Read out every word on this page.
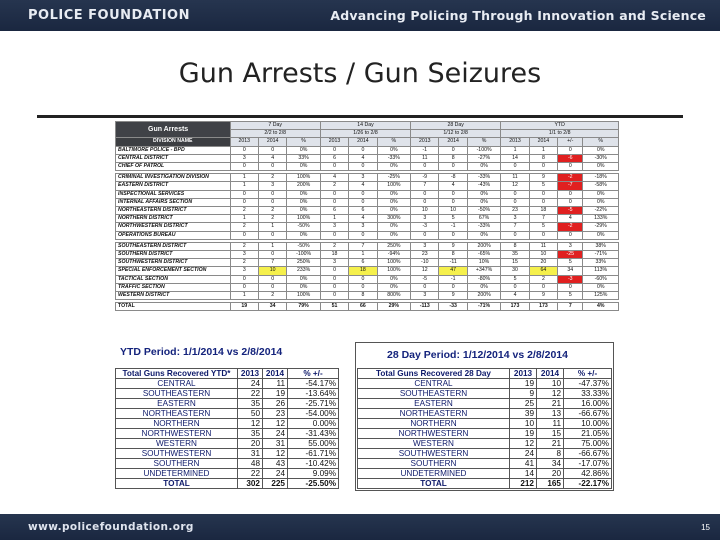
POLICE FOUNDATION	Advancing Policing Through Innovation and Science
Gun Arrests / Gun Seizures
Gun Arrests	7 Day			14 Day			28 Day			YTD			
	2/2 to 2/8			1/26 to 2/8			1/12 to 2/8			1/1 to 2/8			
DIVISION NAME	2013	2014	%	2013	2014	%	2013	2014	%	2013	2014	+/-	%
BALTIMORE POLICE - BPD	0	0	0%	0	0	0%	-1	0	-100%	1	1	0	0%
CENTRAL DISTRICT	3	4	33%	6	4	-33%	11	8	-27%	14	8	-6	-30%
CHIEF OF PATROL	0	0	0%	0	0	0%	0	0	0%	0	0	0	0%

CRIMINAL INVESTIGATION DIVISION	1	2	100%	4	3	-25%	-9	-8	-33%	11	9	-2	-18%
EASTERN DISTRICT	1	3	200%	2	4	100%	7	4	-43%	12	5	-7	-58%
INSPECTIONAL SERVICES	0	0	0%	0	0	0%	0	0	0%	0	0	0	0%
INTERNAL AFFAIRS SECTION	0	0	0%	0	0	0%	0	0	0%	0	0	0	0%
NORTHEASTERN DISTRICT	2	2	0%	6	6	0%	10	10	-50%	23	18	-5	-22%
NORTHERN DISTRICT	1	2	100%	1	4	300%	3	5	67%	3	7	4	133%
NORTHWESTERN DISTRICT	2	1	-50%	3	3	0%	-3	-1	-33%	7	5	-2	-29%
OPERATIONS BUREAU	0	0	0%	0	0	0%	0	0	0%	0	0	0	0%

SOUTHEASTERN DISTRICT	2	1	-50%	2	7	250%	3	9	200%	8	11	3	38%
SOUTHERN DISTRICT	3	0	-100%	18	1	-94%	23	8	-65%	35	10	-25	-71%
SOUTHWESTERN DISTRICT	2	7	250%	3	6	100%	-10	-11	10%	15	20	5	33%
SPECIAL ENFORCEMENT SECTION	3	10	233%	0	18	100%	12	47	+347%	30	64	34	113%
TACTICAL SECTION	0	0	0%	0	0	0%	-5	-1	-80%	5	2	-3	-60%
TRAFFIC SECTION	0	0	0%	0	0	0%	0	0	0%	0	0	0	0%
WESTERN DISTRICT	1	2	100%	0	8	800%	3	9	200%	4	9	5	125%

TOTAL	19	34	79%	51	66	29%	-113	-33	-71%	173	173	7	4%
YTD Period: 1/1/2014 vs 2/8/2014
Total Guns Recovered YTD*	2013	2014	% +/-
CENTRAL	24	11	-54.17%
SOUTHEASTERN	22	19	-13.64%
EASTERN	35	26	-25.71%
NORTHEASTERN	50	23	-54.00%
NORTHERN	12	12	0.00%
NORTHWESTERN	35	24	-31.43%
WESTERN	20	31	55.00%
SOUTHWESTERN	31	12	-61.71%
SOUTHERN	48	43	-10.42%
UNDETERMINED	22	24	9.09%
TOTAL	302	225	-25.50%
28 Day Period: 1/12/2014 vs 2/8/2014
Total Guns Recovered 28 Day	2013	2014	% +/-
CENTRAL	19	10	-47.37%
SOUTHEASTERN	9	12	33.33%
EASTERN	25	21	16.00%
NORTHEASTERN	39	13	-66.67%
NORTHERN	10	11	10.00%
NORTHWESTERN	19	15	21.05%
WESTERN	12	21	75.00%
SOUTHWESTERN	24	8	-66.67%
SOUTHERN	41	34	-17.07%
UNDETERMINED	14	20	42.86%
TOTAL	212	165	-22.17%
www.policefoundation.org	15
